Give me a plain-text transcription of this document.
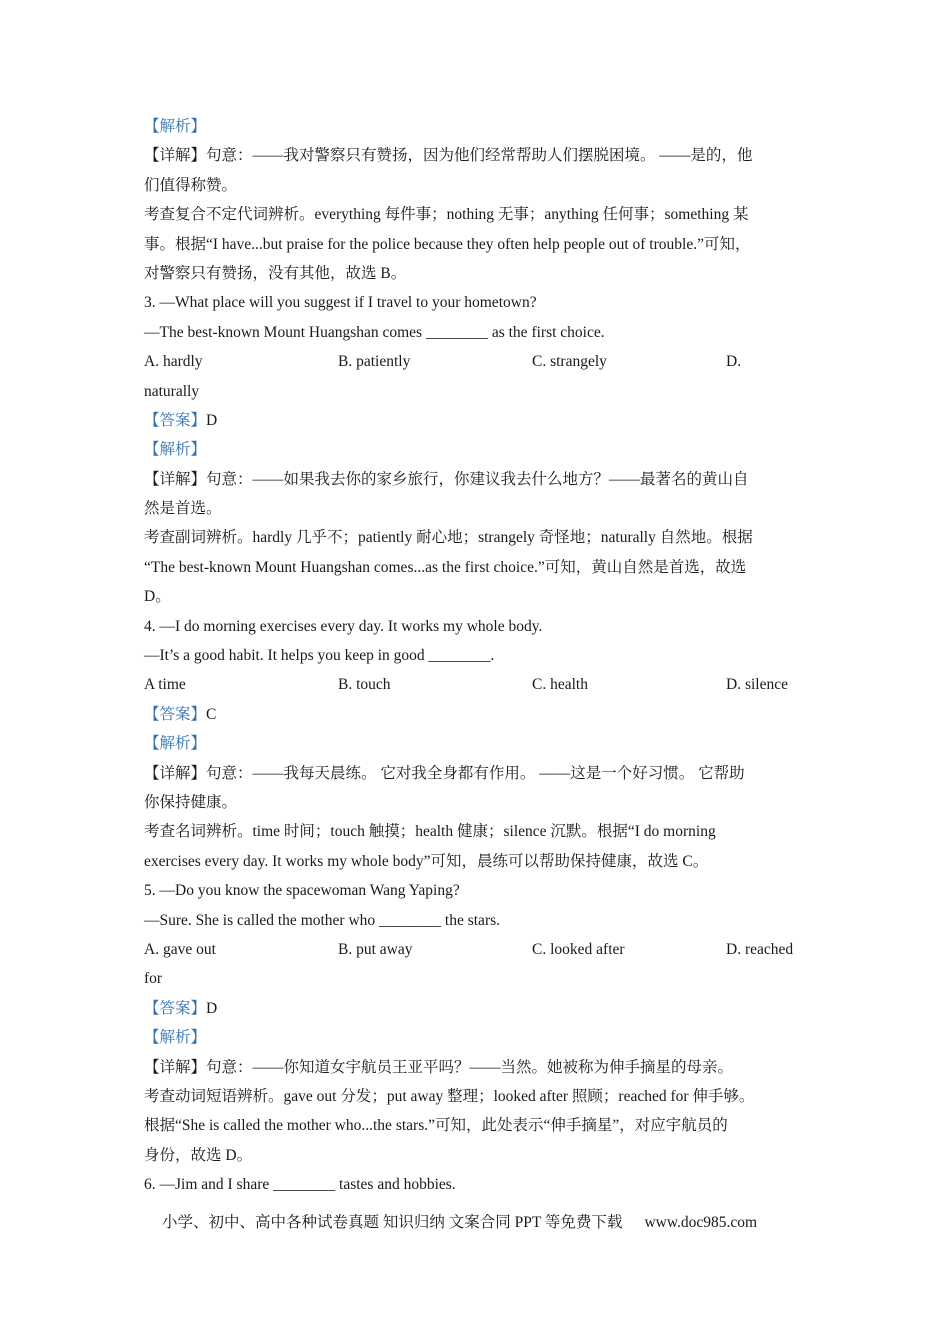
【解析】
【详解】句意：——我对警察只有赞扬，因为他们经常帮助人们摆脱困境。 ——是的，他
们值得称赞。
考查复合不定代词辨析。everything 每件事；nothing 无事；anything 任何事；something 某
事。根据“I have...but praise for the police because they often help people out of trouble.”可知，
对警察只有赞扬，没有其他，故选 B。
3. —What place will you suggest if I travel to your hometown?
—The best-known Mount Huangshan comes ________ as the first choice.
A. hardly	B. patiently	C. strangely	D.
naturally
【答案】D
【解析】
【详解】句意：——如果我去你的家乡旅行，你建议我去什么地方？——最著名的黄山自
然是首选。
考查副词辨析。hardly 几乎不；patiently 耐心地；strangely 奇怪地；naturally 自然地。根据
“The best-known Mount Huangshan comes...as the first choice.”可知，黄山自然是首选，故选
D。
4. —I do morning exercises every day. It works my whole body.
—It’s a good habit. It helps you keep in good ________.
A time	B. touch	C. health	D. silence
【答案】C
【解析】
【详解】句意：——我每天晨练。 它对我全身都有作用。 ——这是一个好习惯。 它帮助
你保持健康。
考查名词辨析。time 时间；touch 触摸；health 健康；silence 沉默。根据“I do morning
exercises every day. It works my whole body”可知，晨练可以帮助保持健康，故选 C。
5. —Do you know the spacewoman Wang Yaping?
—Sure. She is called the mother who ________ the stars.
A. gave out	B. put away	C. looked after	D. reached
for
【答案】D
【解析】
【详解】句意：——你知道女宇航员王亚平吗？——当然。她被称为伸手摘星的母亲。
考查动词短语辨析。gave out 分发；put away 整理；looked after 照顾；reached for 伸手够。
根据“She is called the mother who...the stars.”可知，此处表示“伸手摘星”，对应宇航员的
身份，故选 D。
6. —Jim and I share ________ tastes and hobbies.
小学、初中、高中各种试卷真题 知识归纳 文案合同 PPT 等免费下载 www.doc985.com
